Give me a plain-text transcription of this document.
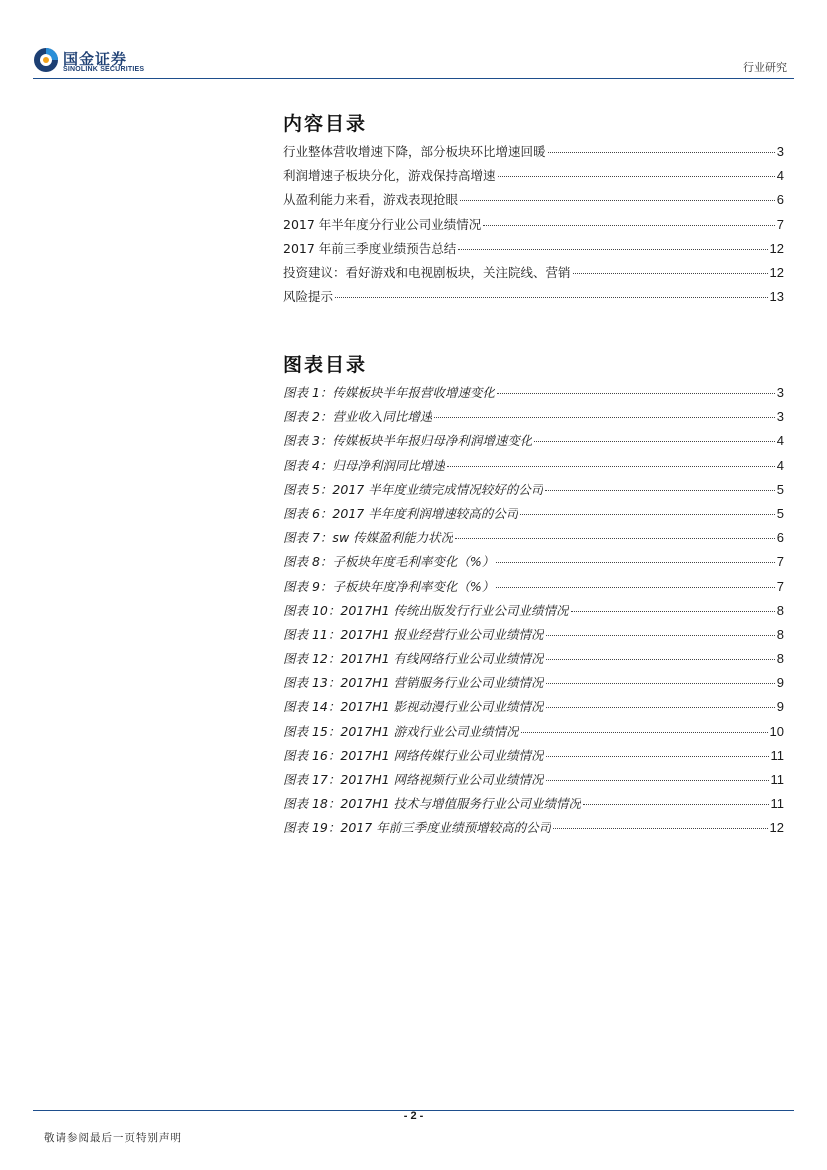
国金证券
SINOLINK SECURITIES	行业研究
内容目录
行业整体营收增速下降，部分板块环比增速回暖	3
利润增速子板块分化，游戏保持高增速	4
从盈利能力来看，游戏表现抢眼	6
2017 年半年度分行业公司业绩情况	7
2017 年前三季度业绩预告总结	12
投资建议：看好游戏和电视剧板块，关注院线、营销	12
风险提示	13
图表目录
图表 1：传媒板块半年报营收增速变化	3
图表 2：营业收入同比增速	3
图表 3：传媒板块半年报归母净利润增速变化	4
图表 4：归母净利润同比增速	4
图表 5：2017 半年度业绩完成情况较好的公司	5
图表 6：2017 半年度利润增速较高的公司	5
图表 7：sw 传媒盈利能力状况	6
图表 8：子板块年度毛利率变化（%）	7
图表 9：子板块年度净利率变化（%）	7
图表 10：2017H1 传统出版发行行业公司业绩情况	8
图表 11：2017H1 报业经营行业公司业绩情况	8
图表 12：2017H1 有线网络行业公司业绩情况	8
图表 13：2017H1 营销服务行业公司业绩情况	9
图表 14：2017H1 影视动漫行业公司业绩情况	9
图表 15：2017H1 游戏行业公司业绩情况	10
图表 16：2017H1 网络传媒行业公司业绩情况	11
图表 17：2017H1 网络视频行业公司业绩情况	11
图表 18：2017H1 技术与增值服务行业公司业绩情况	11
图表 19：2017 年前三季度业绩预增较高的公司	12
- 2 -
敬请参阅最后一页特别声明
